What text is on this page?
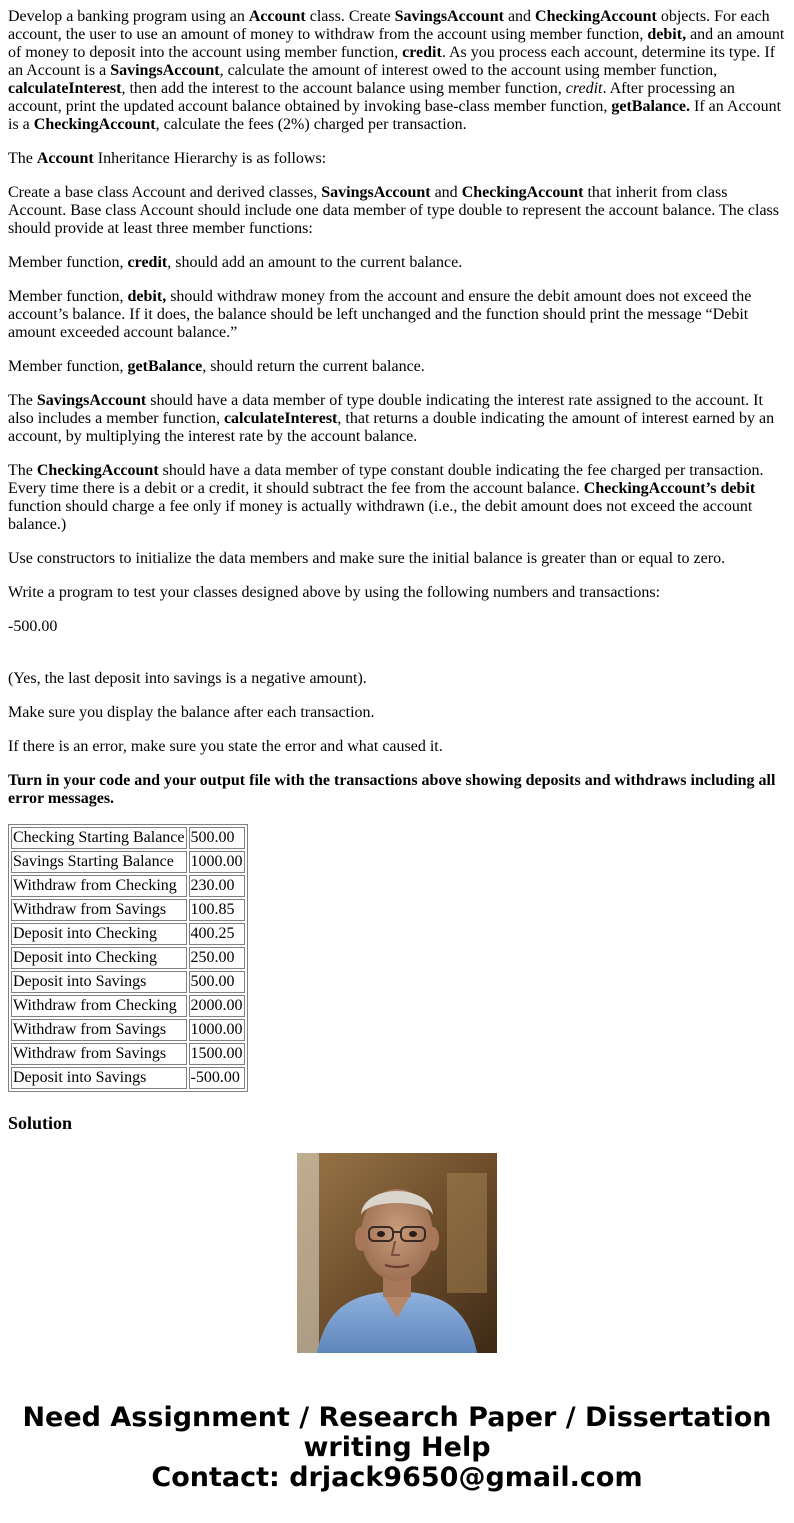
Develop a banking program using an Account class. Create SavingsAccount and CheckingAccount objects. For each account, the user to use an amount of money to withdraw from the account using member function, debit, and an amount of money to deposit into the account using member function, credit. As you process each account, determine its type. If an Account is a SavingsAccount, calculate the amount of interest owed to the account using member function, calculateInterest, then add the interest to the account balance using member function, credit. After processing an account, print the updated account balance obtained by invoking base-class member function, getBalance. If an Account is a CheckingAccount, calculate the fees (2%) charged per transaction.

The Account Inheritance Hierarchy is as follows:

Create a base class Account and derived classes, SavingsAccount and CheckingAccount that inherit from class Account. Base class Account should include one data member of type double to represent the account balance. The class should provide at least three member functions:

Member function, credit, should add an amount to the current balance.

Member function, debit, should withdraw money from the account and ensure the debit amount does not exceed the account’s balance. If it does, the balance should be left unchanged and the function should print the message “Debit amount exceeded account balance.”

Member function, getBalance, should return the current balance.

The SavingsAccount should have a data member of type double indicating the interest rate assigned to the account. It also includes a member function, calculateInterest, that returns a double indicating the amount of interest earned by an account, by multiplying the interest rate by the account balance.

The CheckingAccount should have a data member of type constant double indicating the fee charged per transaction. Every time there is a debit or a credit, it should subtract the fee from the account balance. CheckingAccount’s debit function should charge a fee only if money is actually withdrawn (i.e., the debit amount does not exceed the account balance.)

Use constructors to initialize the data members and make sure the initial balance is greater than or equal to zero.

Write a program to test your classes designed above by using the following numbers and transactions:

-500.00

(Yes, the last deposit into savings is a negative amount).

Make sure you display the balance after each transaction.

If there is an error, make sure you state the error and what caused it.

Turn in your code and your output file with the transactions above showing deposits and withdraws including all error messages.

Checking Starting Balance	500.00
Savings Starting Balance	1000.00
Withdraw from Checking	230.00
Withdraw from Savings	100.85
Deposit into Checking	400.25
Deposit into Checking	250.00
Deposit into Savings	500.00
Withdraw from Checking	2000.00
Withdraw from Savings	1000.00
Withdraw from Savings	1500.00
Deposit into Savings	-500.00
Solution
Need Assignment / Research Paper / Dissertation
writing Help
Contact: drjack9650@gmail.com
